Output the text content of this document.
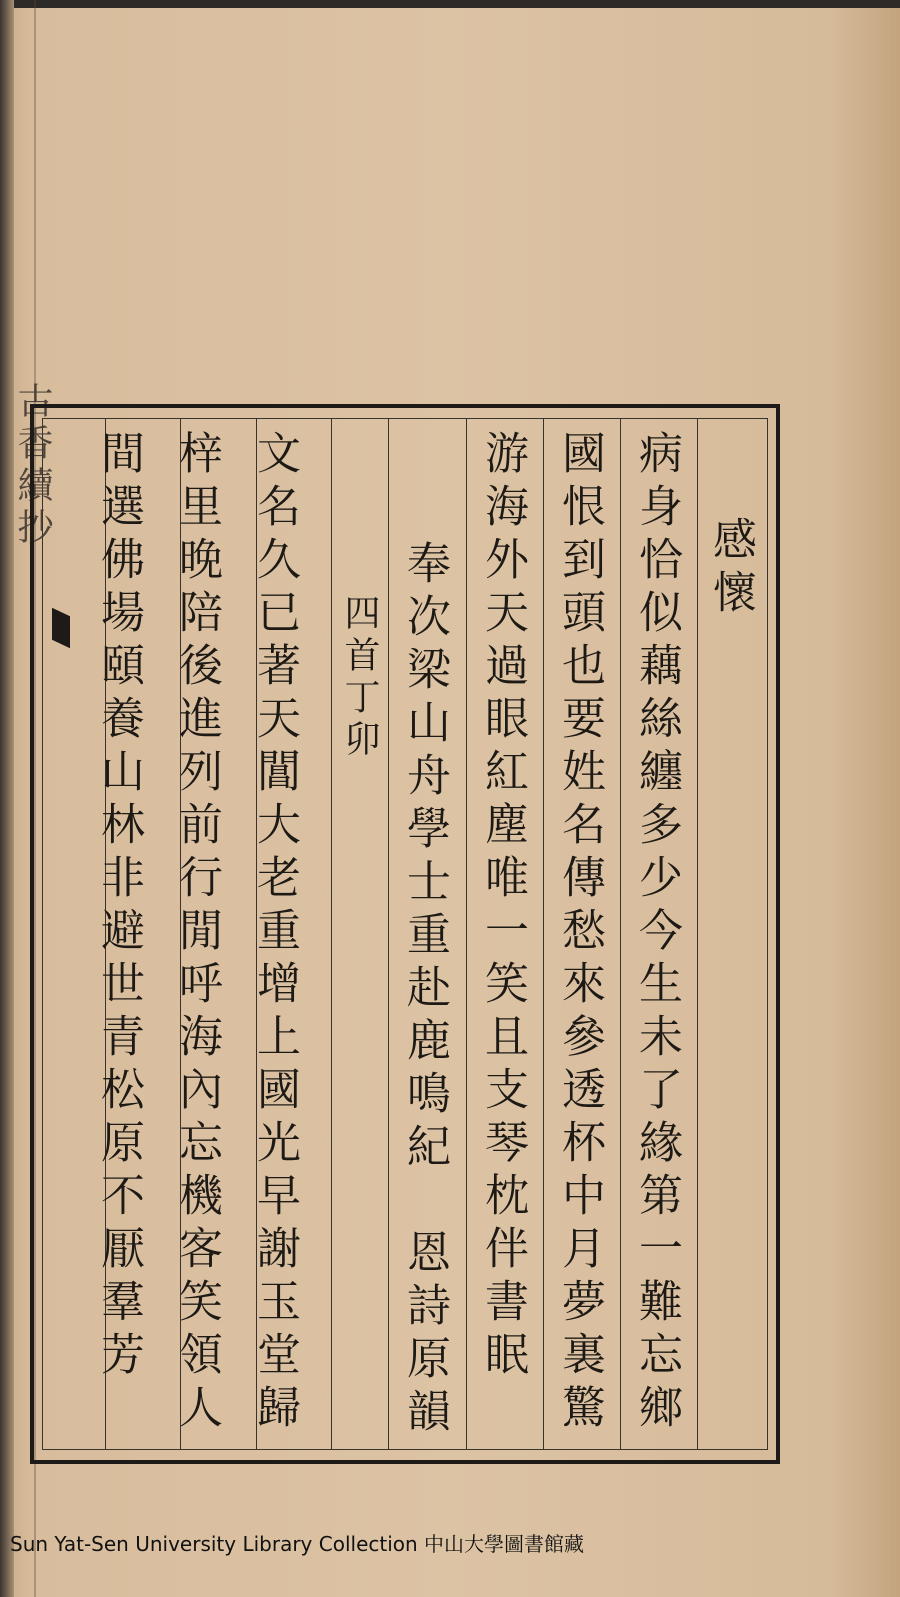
古香續抄
感懷
病身恰似藕絲纏多少今生未了緣第一難忘鄉
國恨到頭也要姓名傳愁來參透杯中月夢裏驚
游海外天過眼紅塵唯一笑且支琴枕伴書眠
奉次梁山舟學士重赴鹿鳴紀　恩詩原韻
四首丁卯
文名久已著天閶大老重增上國光早謝玉堂歸
梓里晚陪後進列前行閒呼海內忘機客笑領人
間選佛場頤養山林非避世青松原不厭羣芳
Sun Yat-Sen University Library Collection 中山大學圖書館藏
